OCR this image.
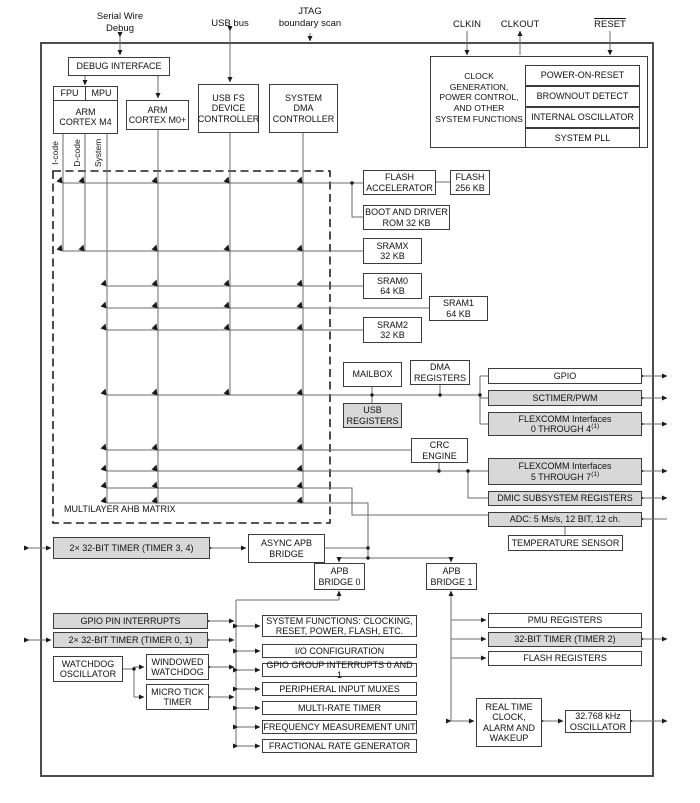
Serial Wire
Debug	USB bus
JTAG
boundary scan	CLKIN	CLKOUT	RESET
DEBUG INTERFACE
FPU	MPU
ARM
CORTEX M4
ARM
CORTEX M0+
USB FS
DEVICE
CONTROLLER
SYSTEM
DMA
CONTROLLER
CLOCK GENERATION,
POWER CONTROL,
AND OTHER
SYSTEM FUNCTIONS
POWER-ON-RESET
BROWNOUT DETECT
INTERNAL OSCILLATOR
SYSTEM PLL
I-code D-code System
MULTILAYER AHB MATRIX
FLASH
ACCELERATOR
FLASH
256 KB
BOOT AND DRIVER
ROM 32 KB
SRAMX
32 KB
SRAM0
64 KB
SRAM1
64 KB
SRAM2
32 KB
MAILBOX
DMA
REGISTERS
USB
REGISTERS
GPIO
SCTIMER/PWM
FLEXCOMM Interfaces
0 THROUGH 4$^{(1)}$
CRC
ENGINE
FLEXCOMM Interfaces
5 THROUGH 7$^{(1)}$
DMIC SUBSYSTEM REGISTERS
ADC: 5 Ms/s, 12 BIT, 12 ch.
TEMPERATURE SENSOR
2× 32-BIT TIMER (TIMER 3, 4)	ASYNC APB
BRIDGE
APB
BRIDGE 0
APB
BRIDGE 1
GPIO PIN INTERRUPTS
2× 32-BIT TIMER (TIMER 0, 1)
WATCHDOG
OSCILLATOR
WINDOWED
WATCHDOG
MICRO TICK
TIMER
SYSTEM FUNCTIONS: CLOCKING,
RESET, POWER, FLASH, ETC.
I/O CONFIGURATION
GPIO GROUP INTERRUPTS 0 AND 1
PERIPHERAL INPUT MUXES
MULTI-RATE TIMER
FREQUENCY MEASUREMENT UNIT
FRACTIONAL RATE GENERATOR
PMU REGISTERS
32-BIT TIMER (TIMER 2)
FLASH REGISTERS
REAL TIME
CLOCK,
ALARM AND
WAKEUP
32.768 kHz
OSCILLATOR
